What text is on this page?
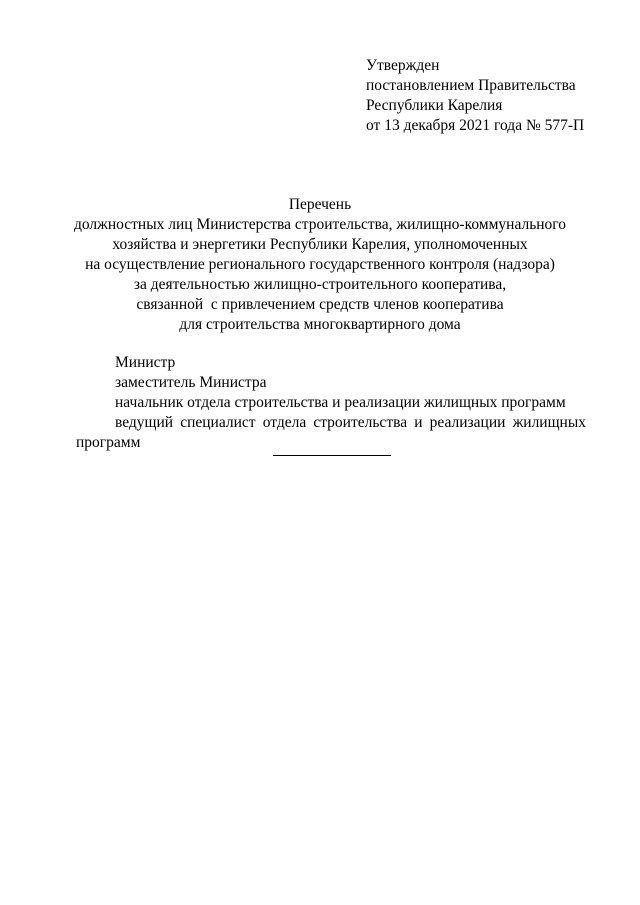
Утвержден
постановлением Правительства
Республики Карелия
от 13 декабря 2021 года № 577-П
Перечень
должностных лиц Министерства строительства, жилищно-коммунального
хозяйства и энергетики Республики Карелия, уполномоченных
на осуществление регионального государственного контроля (надзора)
за деятельностью жилищно-строительного кооператива,
связанной  с привлечением средств членов кооператива
для строительства многоквартирного дома
Министр
заместитель Министра
начальник отдела строительства и реализации жилищных программ
ведущий специалист отдела строительства и реализации жилищных программ
